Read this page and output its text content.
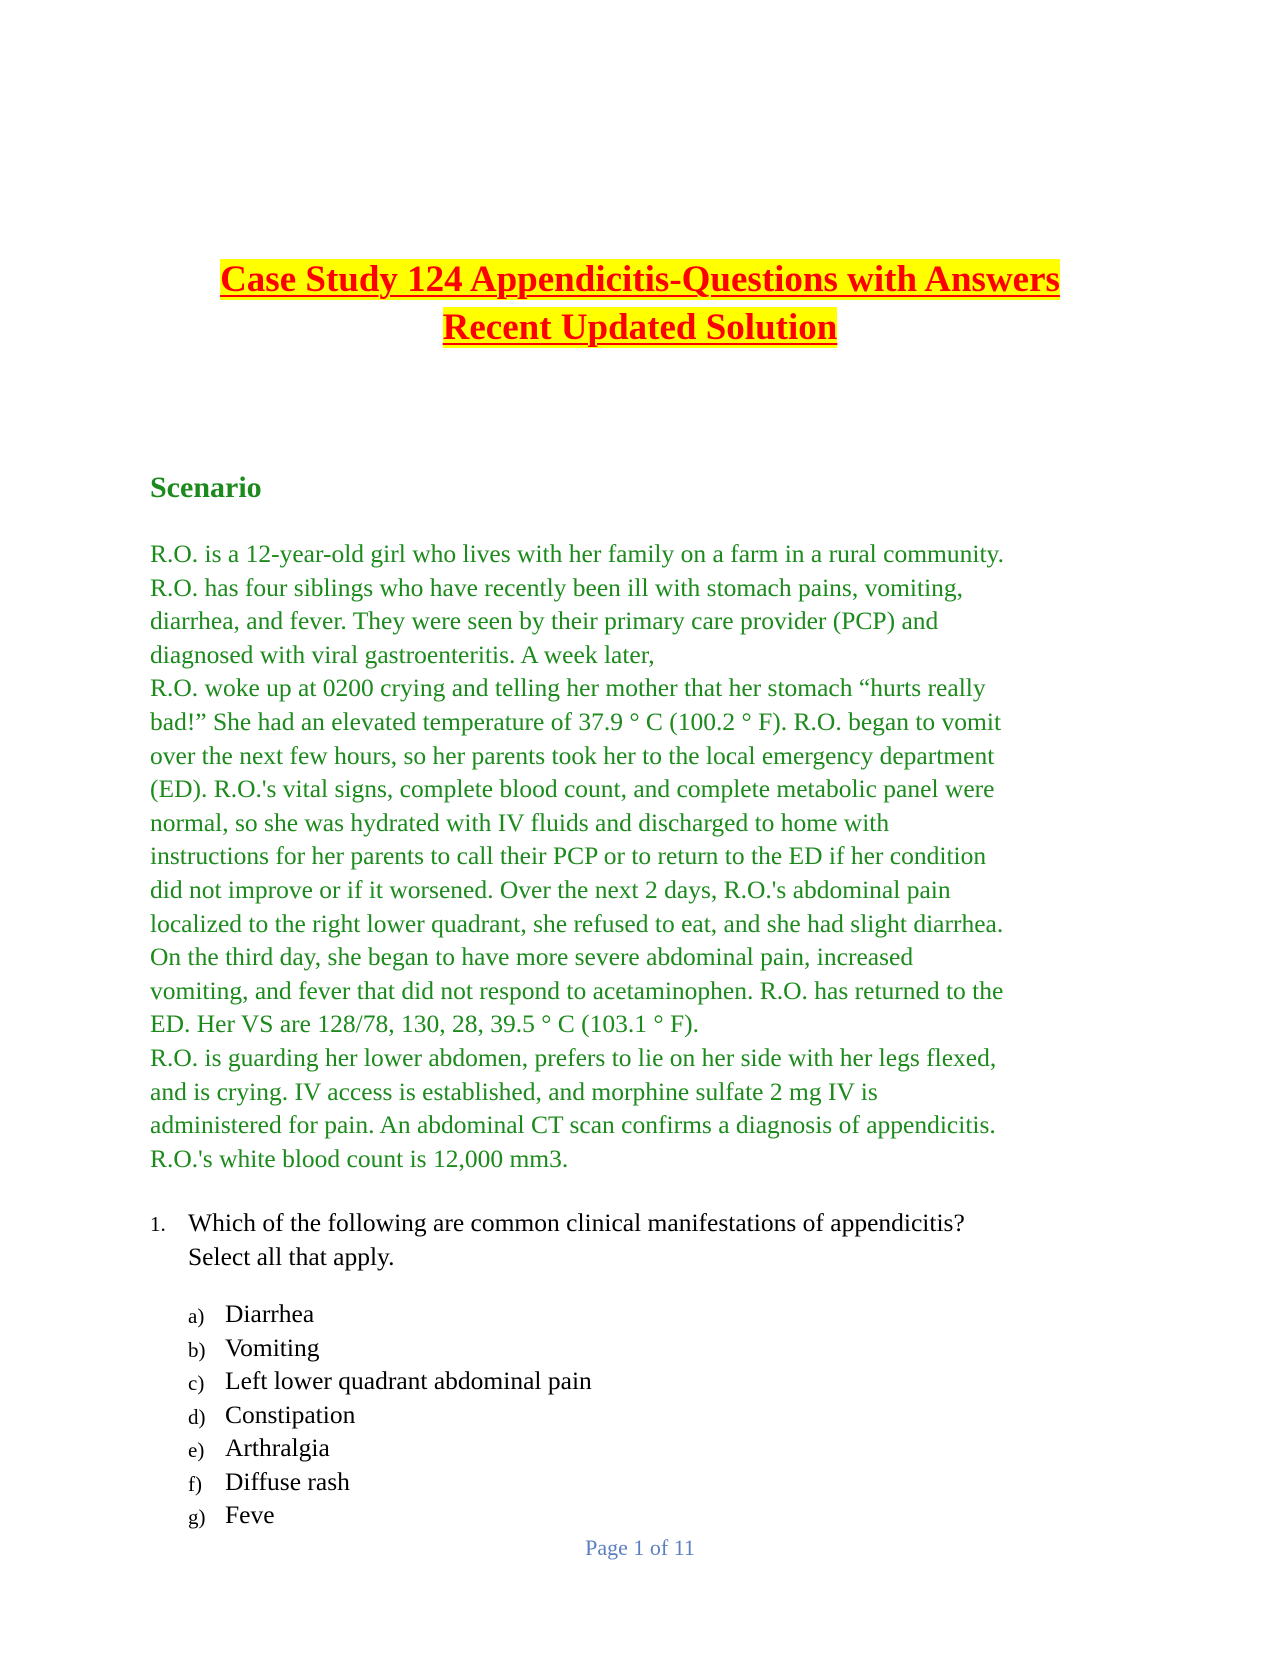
Case Study 124 Appendicitis-Questions with Answers
Recent Updated Solution
Scenario
R.O. is a 12-year-old girl who lives with her family on a farm in a rural community.
R.O. has four siblings who have recently been ill with stomach pains, vomiting,
diarrhea, and fever. They were seen by their primary care provider (PCP) and
diagnosed with viral gastroenteritis. A week later,
R.O. woke up at 0200 crying and telling her mother that her stomach “hurts really
bad!” She had an elevated temperature of 37.9 ° C (100.2 ° F). R.O. began to vomit
over the next few hours, so her parents took her to the local emergency department
(ED). R.O.'s vital signs, complete blood count, and complete metabolic panel were
normal, so she was hydrated with IV fluids and discharged to home with
instructions for her parents to call their PCP or to return to the ED if her condition
did not improve or if it worsened. Over the next 2 days, R.O.'s abdominal pain
localized to the right lower quadrant, she refused to eat, and she had slight diarrhea.
On the third day, she began to have more severe abdominal pain, increased
vomiting, and fever that did not respond to acetaminophen. R.O. has returned to the
ED. Her VS are 128/78, 130, 28, 39.5 ° C (103.1 ° F).
R.O. is guarding her lower abdomen, prefers to lie on her side with her legs flexed,
and is crying. IV access is established, and morphine sulfate 2 mg IV is
administered for pain. An abdominal CT scan confirms a diagnosis of appendicitis.
R.O.'s white blood count is 12,000 mm3.
1. Which of the following are common clinical manifestations of appendicitis?
Select all that apply.
a) Diarrhea
b) Vomiting
c) Left lower quadrant abdominal pain
d) Constipation
e) Arthralgia
f) Diffuse rash
g) Feve
Page 1 of 11
